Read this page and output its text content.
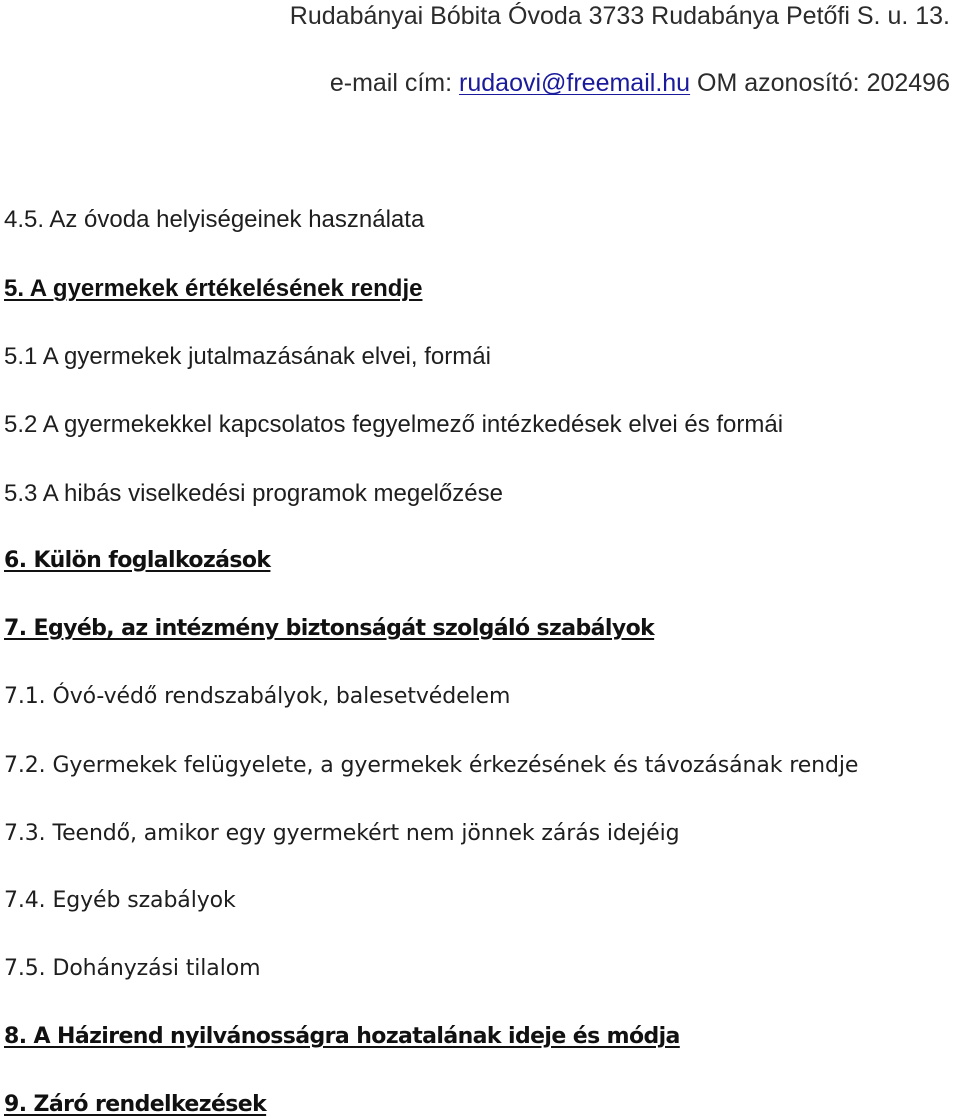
Rudabányai Bóbita Óvoda 3733 Rudabánya Petőfi S. u. 13.
e-mail cím: rudaovi@freemail.hu OM azonosító: 202496
4.5. Az óvoda helyiségeinek használata
5. A gyermekek értékelésének rendje
5.1 A gyermekek jutalmazásának elvei, formái
5.2 A gyermekekkel kapcsolatos fegyelmező intézkedések elvei és formái
5.3 A hibás viselkedési programok megelőzése
6. Külön foglalkozások
7. Egyéb, az intézmény biztonságát szolgáló szabályok
7.1. Óvó-védő rendszabályok, balesetvédelem
7.2. Gyermekek felügyelete, a gyermekek érkezésének és távozásának rendje
7.3. Teendő, amikor egy gyermekért nem jönnek zárás idejéig
7.4. Egyéb szabályok
7.5. Dohányzási tilalom
8. A Házirend nyilvánosságra hozatalának ideje és módja
9. Záró rendelkezések
